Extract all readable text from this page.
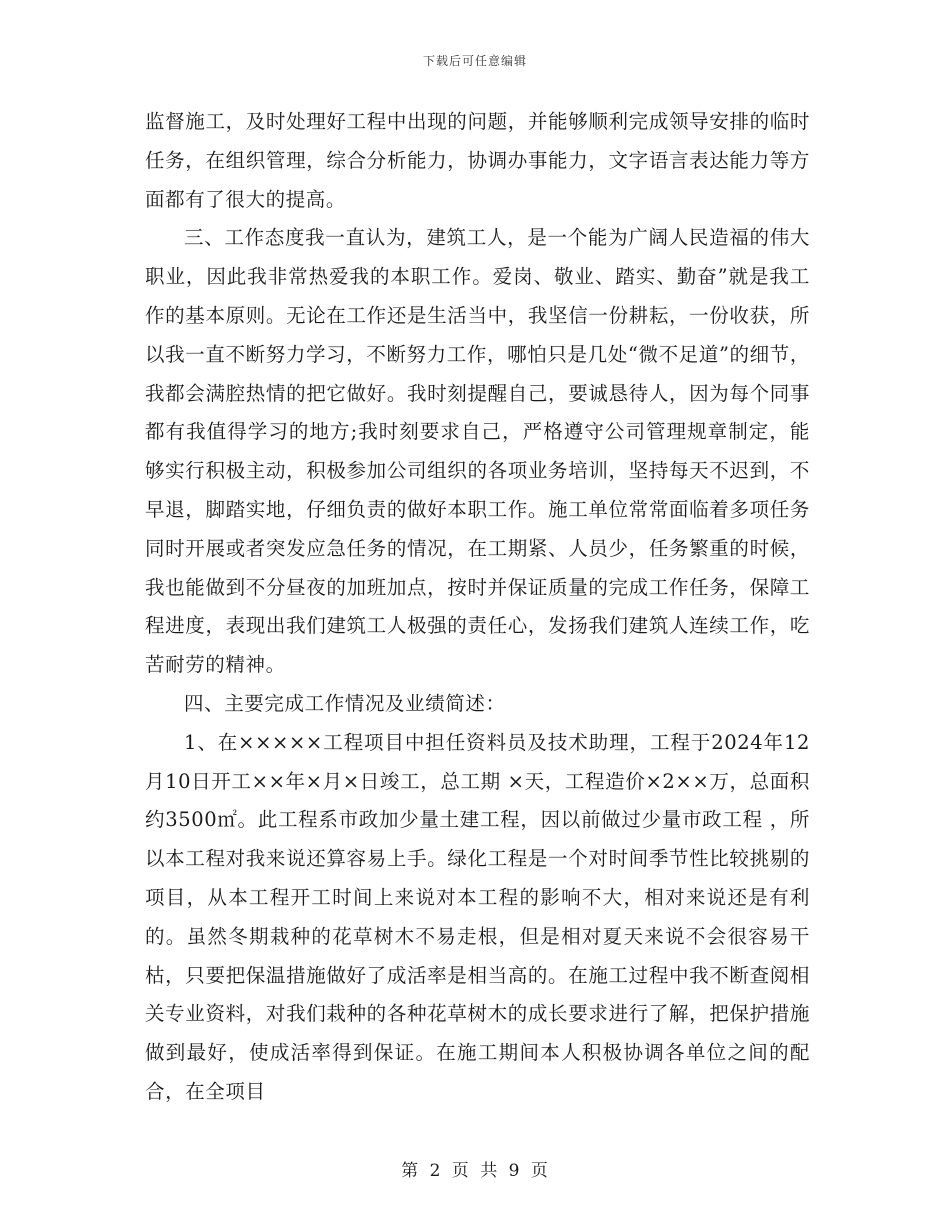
下载后可任意编辑

监督施工，及时处理好工程中出现的问题，并能够顺利完成领导安排的临时任务，在组织管理，综合分析能力，协调办事能力，文字语言表达能力等方面都有了很大的提高。

三、工作态度我一直认为，建筑工人，是一个能为广阔人民造福的伟大职业，因此我非常热爱我的本职工作。爱岗、敬业、踏实、勤奋”就是我工作的基本原则。无论在工作还是生活当中，我坚信一份耕耘，一份收获，所以我一直不断努力学习，不断努力工作，哪怕只是几处“微不足道”的细节，我都会满腔热情的把它做好。我时刻提醒自己，要诚恳待人，因为每个同事都有我值得学习的地方;我时刻要求自己，严格遵守公司管理规章制定，能够实行积极主动，积极参加公司组织的各项业务培训，坚持每天不迟到，不早退，脚踏实地，仔细负责的做好本职工作。施工单位常常面临着多项任务同时开展或者突发应急任务的情况，在工期紧、人员少，任务繁重的时候，我也能做到不分昼夜的加班加点，按时并保证质量的完成工作任务，保障工程进度，表现出我们建筑工人极强的责任心，发扬我们建筑人连续工作，吃苦耐劳的精神。

四、主要完成工作情况及业绩简述：

1、在×××××工程项目中担任资料员及技术助理，工程于2024年12月10日开工××年×月×日竣工，总工期 ×天，工程造价×2××万，总面积约3500㎡。此工程系市政加少量土建工程，因以前做过少量市政工程 ，所以本工程对我来说还算容易上手。绿化工程是一个对时间季节性比较挑剔的项目，从本工程开工时间上来说对本工程的影响不大，相对来说还是有利的。虽然冬期栽种的花草树木不易走根，但是相对夏天来说不会很容易干枯，只要把保温措施做好了成活率是相当高的。在施工过程中我不断查阅相关专业资料，对我们栽种的各种花草树木的成长要求进行了解，把保护措施做到最好，使成活率得到保证。在施工期间本人积极协调各单位之间的配合，在全项目

第 2 页 共 9 页
